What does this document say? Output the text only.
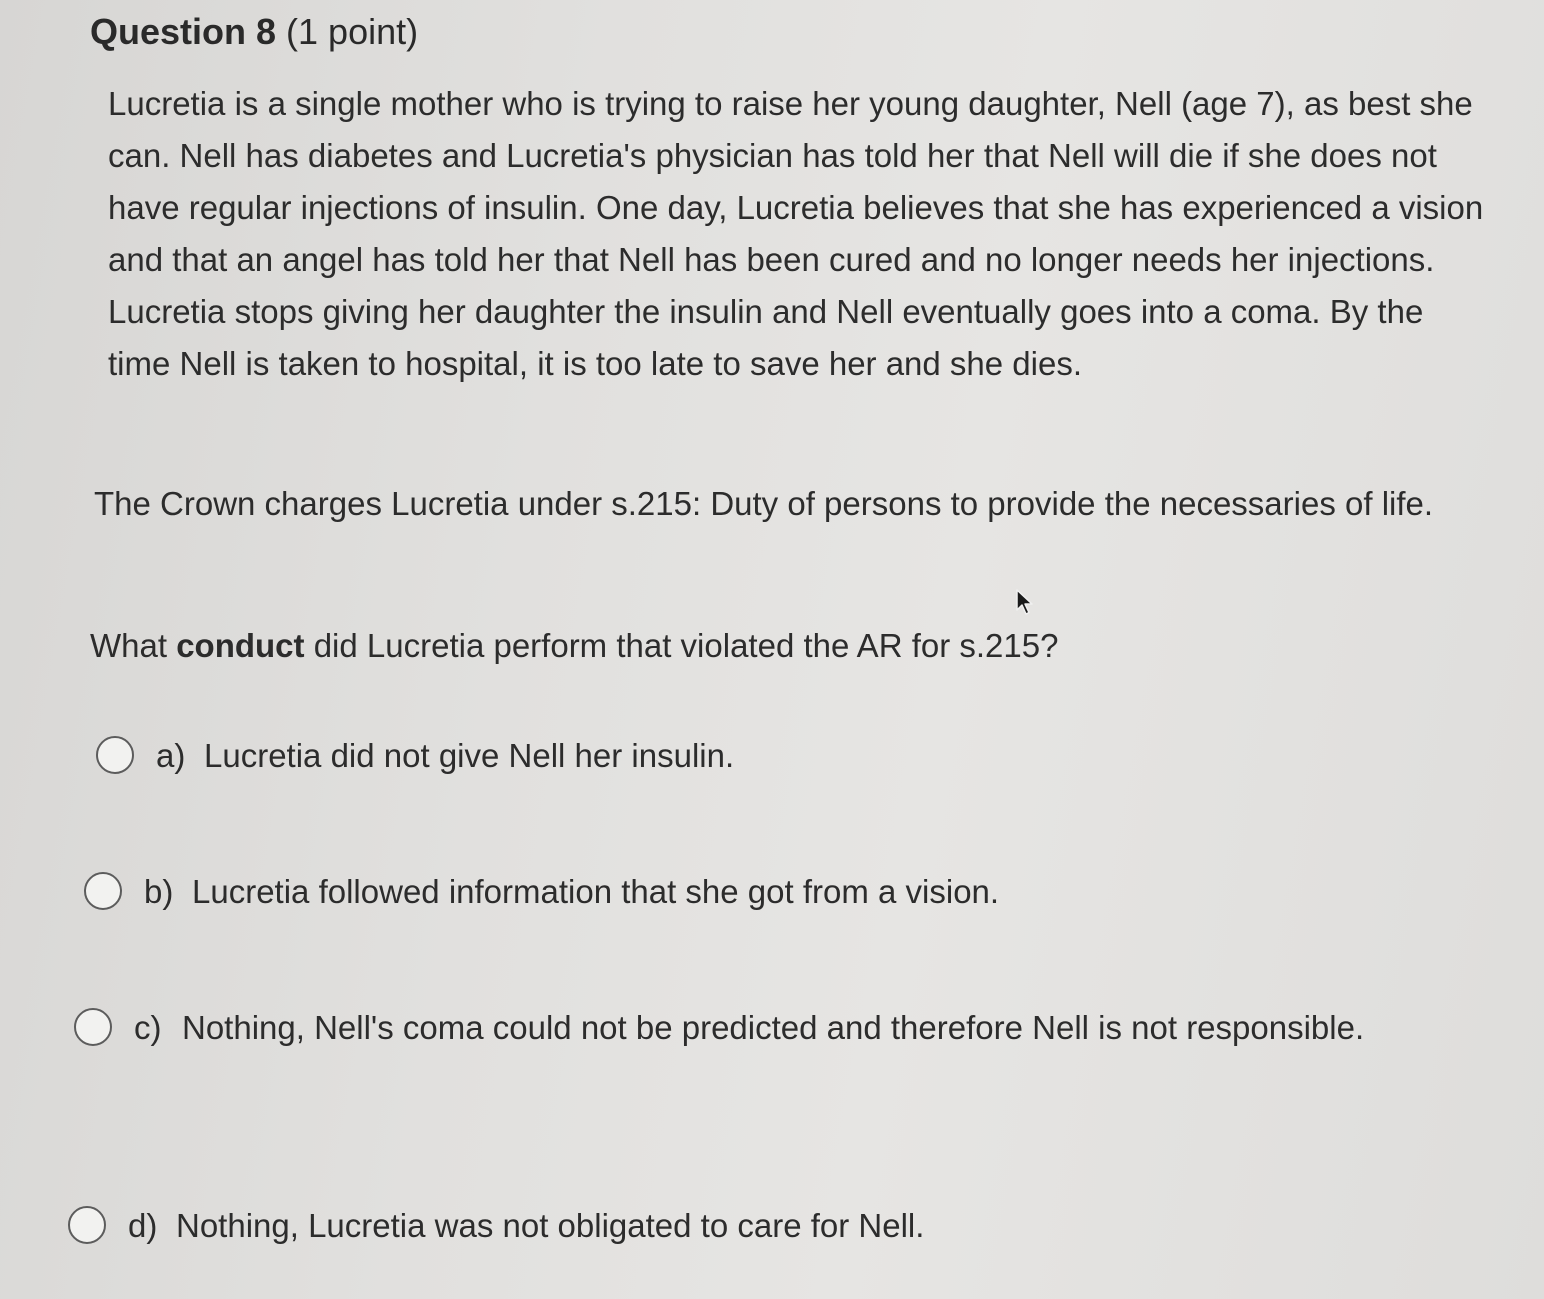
Question 8 (1 point)
Lucretia is a single mother who is trying to raise her young daughter, Nell (age 7), as best she can. Nell has diabetes and Lucretia's physician has told her that Nell will die if she does not have regular injections of insulin. One day, Lucretia believes that she has experienced a vision and that an angel has told her that Nell has been cured and no longer needs her injections. Lucretia stops giving her daughter the insulin and Nell eventually goes into a coma. By the time Nell is taken to hospital, it is too late to save her and she dies.
The Crown charges Lucretia under s.215: Duty of persons to provide the necessaries of life.
What conduct did Lucretia perform that violated the AR for s.215?
a) Lucretia did not give Nell her insulin.
b) Lucretia followed information that she got from a vision.
c) Nothing, Nell's coma could not be predicted and therefore Nell is not responsible.
d) Nothing, Lucretia was not obligated to care for Nell.
